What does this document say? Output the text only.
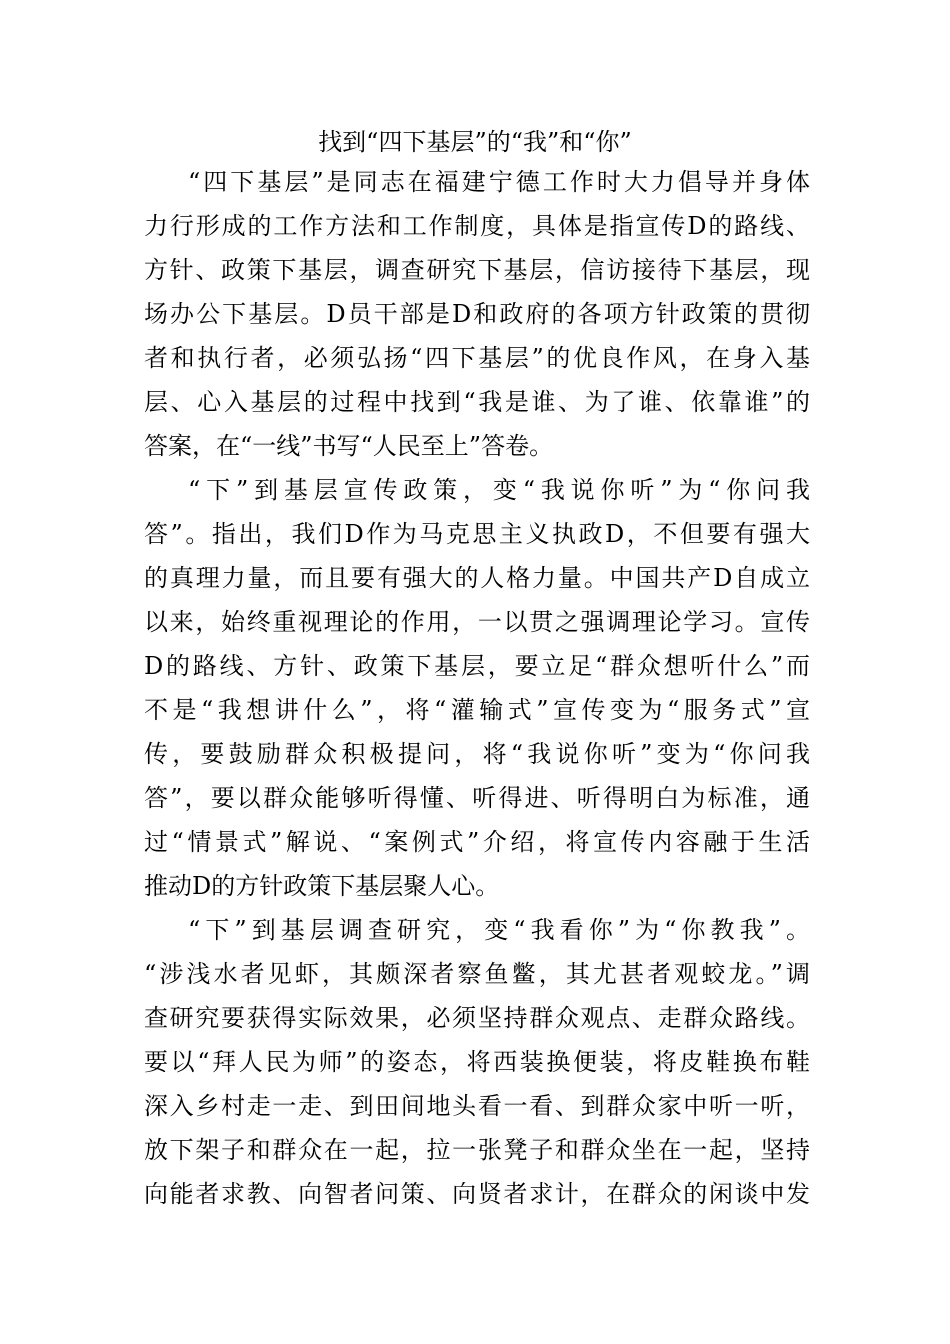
找到“四下基层”的“我”和“你”
“四下基层”是同志在福建宁德工作时大力倡导并身体
力行形成的工作方法和工作制度，具体是指宣传D的路线、
方针、政策下基层，调查研究下基层，信访接待下基层，现
场办公下基层。D员干部是D和政府的各项方针政策的贯彻
者和执行者，必须弘扬“四下基层”的优良作风，在身入基
层、心入基层的过程中找到“我是谁、为了谁、依靠谁”的
答案，在“一线”书写“人民至上”答卷。
“下”到基层宣传政策，变“我说你听”为“你问我
答”。指出，我们D作为马克思主义执政D，不但要有强大
的真理力量，而且要有强大的人格力量。中国共产D自成立
以来，始终重视理论的作用，一以贯之强调理论学习。宣传
D的路线、方针、政策下基层，要立足“群众想听什么”而
不是“我想讲什么”，将“灌输式”宣传变为“服务式”宣
传，要鼓励群众积极提问，将“我说你听”变为“你问我
答”，要以群众能够听得懂、听得进、听得明白为标准，通
过“情景式”解说、“案例式”介绍，将宣传内容融于生活
推动D的方针政策下基层聚人心。
“下”到基层调查研究，变“我看你”为“你教我”。
“涉浅水者见虾，其颇深者察鱼鳖，其尤甚者观蛟龙。”调
查研究要获得实际效果，必须坚持群众观点、走群众路线。
要以“拜人民为师”的姿态，将西装换便装，将皮鞋换布鞋
深入乡村走一走、到田间地头看一看、到群众家中听一听，
放下架子和群众在一起，拉一张凳子和群众坐在一起，坚持
向能者求教、向智者问策、向贤者求计，在群众的闲谈中发
